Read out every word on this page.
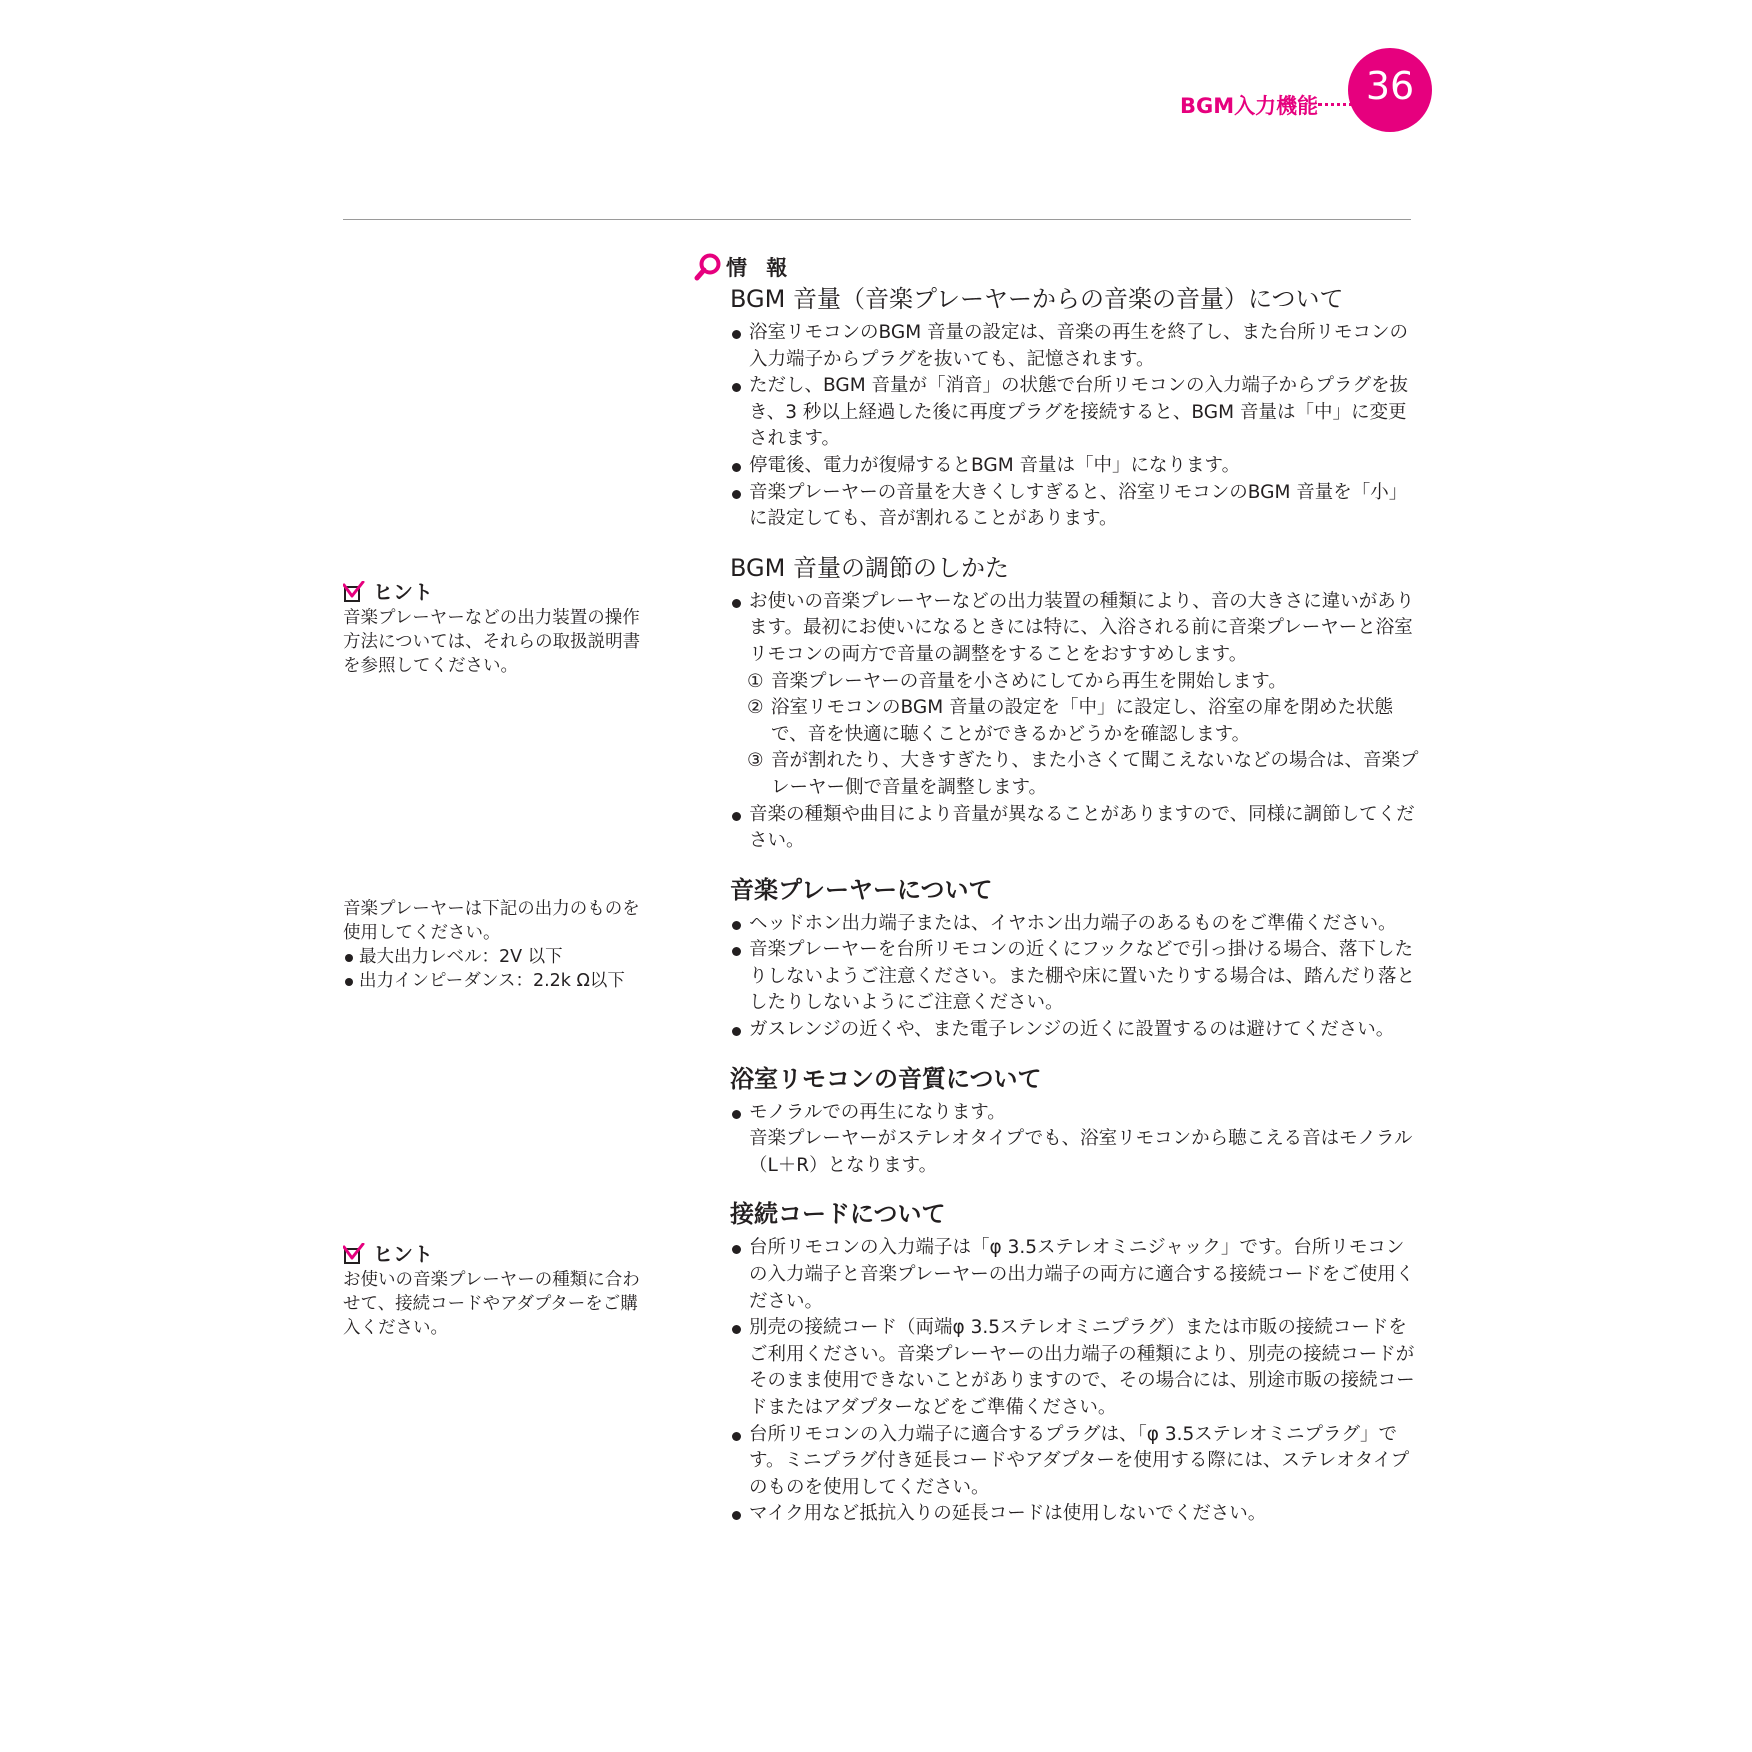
BGM入力機能	36
情 報
BGM 音量（音楽プレーヤーからの音楽の音量）について
浴室リモコンのBGM 音量の設定は、音楽の再生を終了し、また台所リモコンの入力端子からプラグを抜いても、記憶されます。
ただし、BGM 音量が「消音」の状態で台所リモコンの入力端子からプラグを抜き、3 秒以上経過した後に再度プラグを接続すると、BGM 音量は「中」に変更されます。
停電後、電力が復帰するとBGM 音量は「中」になります。
音楽プレーヤーの音量を大きくしすぎると、浴室リモコンのBGM 音量を「小」に設定しても、音が割れることがあります。
BGM 音量の調節のしかた
お使いの音楽プレーヤーなどの出力装置の種類により、音の大きさに違いがあります。最初にお使いになるときには特に、入浴される前に音楽プレーヤーと浴室リモコンの両方で音量の調整をすることをおすすめします。
① 音楽プレーヤーの音量を小さめにしてから再生を開始します。
② 浴室リモコンのBGM 音量の設定を「中」に設定し、浴室の扉を閉めた状態で、音を快適に聴くことができるかどうかを確認します。
③ 音が割れたり、大きすぎたり、また小さくて聞こえないなどの場合は、音楽プレーヤー側で音量を調整します。
音楽の種類や曲目により音量が異なることがありますので、同様に調節してください。
音楽プレーヤーについて
ヘッドホン出力端子または、イヤホン出力端子のあるものをご準備ください。
音楽プレーヤーを台所リモコンの近くにフックなどで引っ掛ける場合、落下したりしないようご注意ください。また棚や床に置いたりする場合は、踏んだり落としたりしないようにご注意ください。
ガスレンジの近くや、また電子レンジの近くに設置するのは避けてください。
浴室リモコンの音質について
モノラルでの再生になります。
音楽プレーヤーがステレオタイプでも、浴室リモコンから聴こえる音はモノラル（L＋R）となります。
接続コードについて
台所リモコンの入力端子は「φ 3.5ステレオミニジャック」です。台所リモコンの入力端子と音楽プレーヤーの出力端子の両方に適合する接続コードをご使用ください。
別売の接続コード（両端φ 3.5ステレオミニプラグ）または市販の接続コードをご利用ください。音楽プレーヤーの出力端子の種類により、別売の接続コードがそのまま使用できないことがありますので、その場合には、別途市販の接続コードまたはアダプターなどをご準備ください。
台所リモコンの入力端子に適合するプラグは、「φ 3.5ステレオミニプラグ」です。ミニプラグ付き延長コードやアダプターを使用する際には、ステレオタイプのものを使用してください。
マイク用など抵抗入りの延長コードは使用しないでください。
ヒント

音楽プレーヤーなどの出力装置の操作方法については、それらの取扱説明書を参照してください。

音楽プレーヤーは下記の出力のものを使用してください。

最大出力レベル：2V 以下
出力インピーダンス：2.2k Ω以下
ヒント

お使いの音楽プレーヤーの種類に合わせて、接続コードやアダプターをご購入ください。
